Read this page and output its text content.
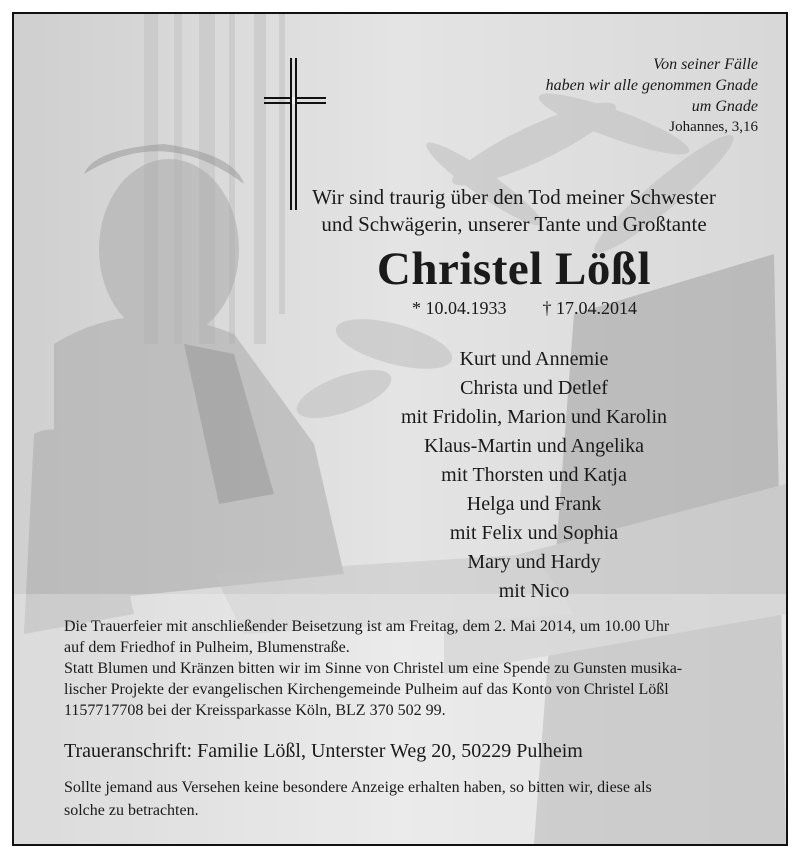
Von seiner Fälle
haben wir alle genommen Gnade
um Gnade
Johannes, 3,16
Wir sind traurig über den Tod meiner Schwester
und Schwägerin, unserer Tante und Großtante
Christel Lößl
* 10.04.1933 † 17.04.2014
Kurt und Annemie
Christa und Detlef
mit Fridolin, Marion und Karolin
Klaus-Martin und Angelika
mit Thorsten und Katja
Helga und Frank
mit Felix und Sophia
Mary und Hardy
mit Nico
Die Trauerfeier mit anschließender Beisetzung ist am Freitag, dem 2. Mai 2014, um 10.00 Uhr
auf dem Friedhof in Pulheim, Blumenstraße.
Statt Blumen und Kränzen bitten wir im Sinne von Christel um eine Spende zu Gunsten musika-
lischer Projekte der evangelischen Kirchengemeinde Pulheim auf das Konto von Christel Lößl
1157717708 bei der Kreissparkasse Köln, BLZ 370 502 99.
Traueranschrift: Familie Lößl, Unterster Weg 20, 50229 Pulheim
Sollte jemand aus Versehen keine besondere Anzeige erhalten haben, so bitten wir, diese als
solche zu betrachten.
